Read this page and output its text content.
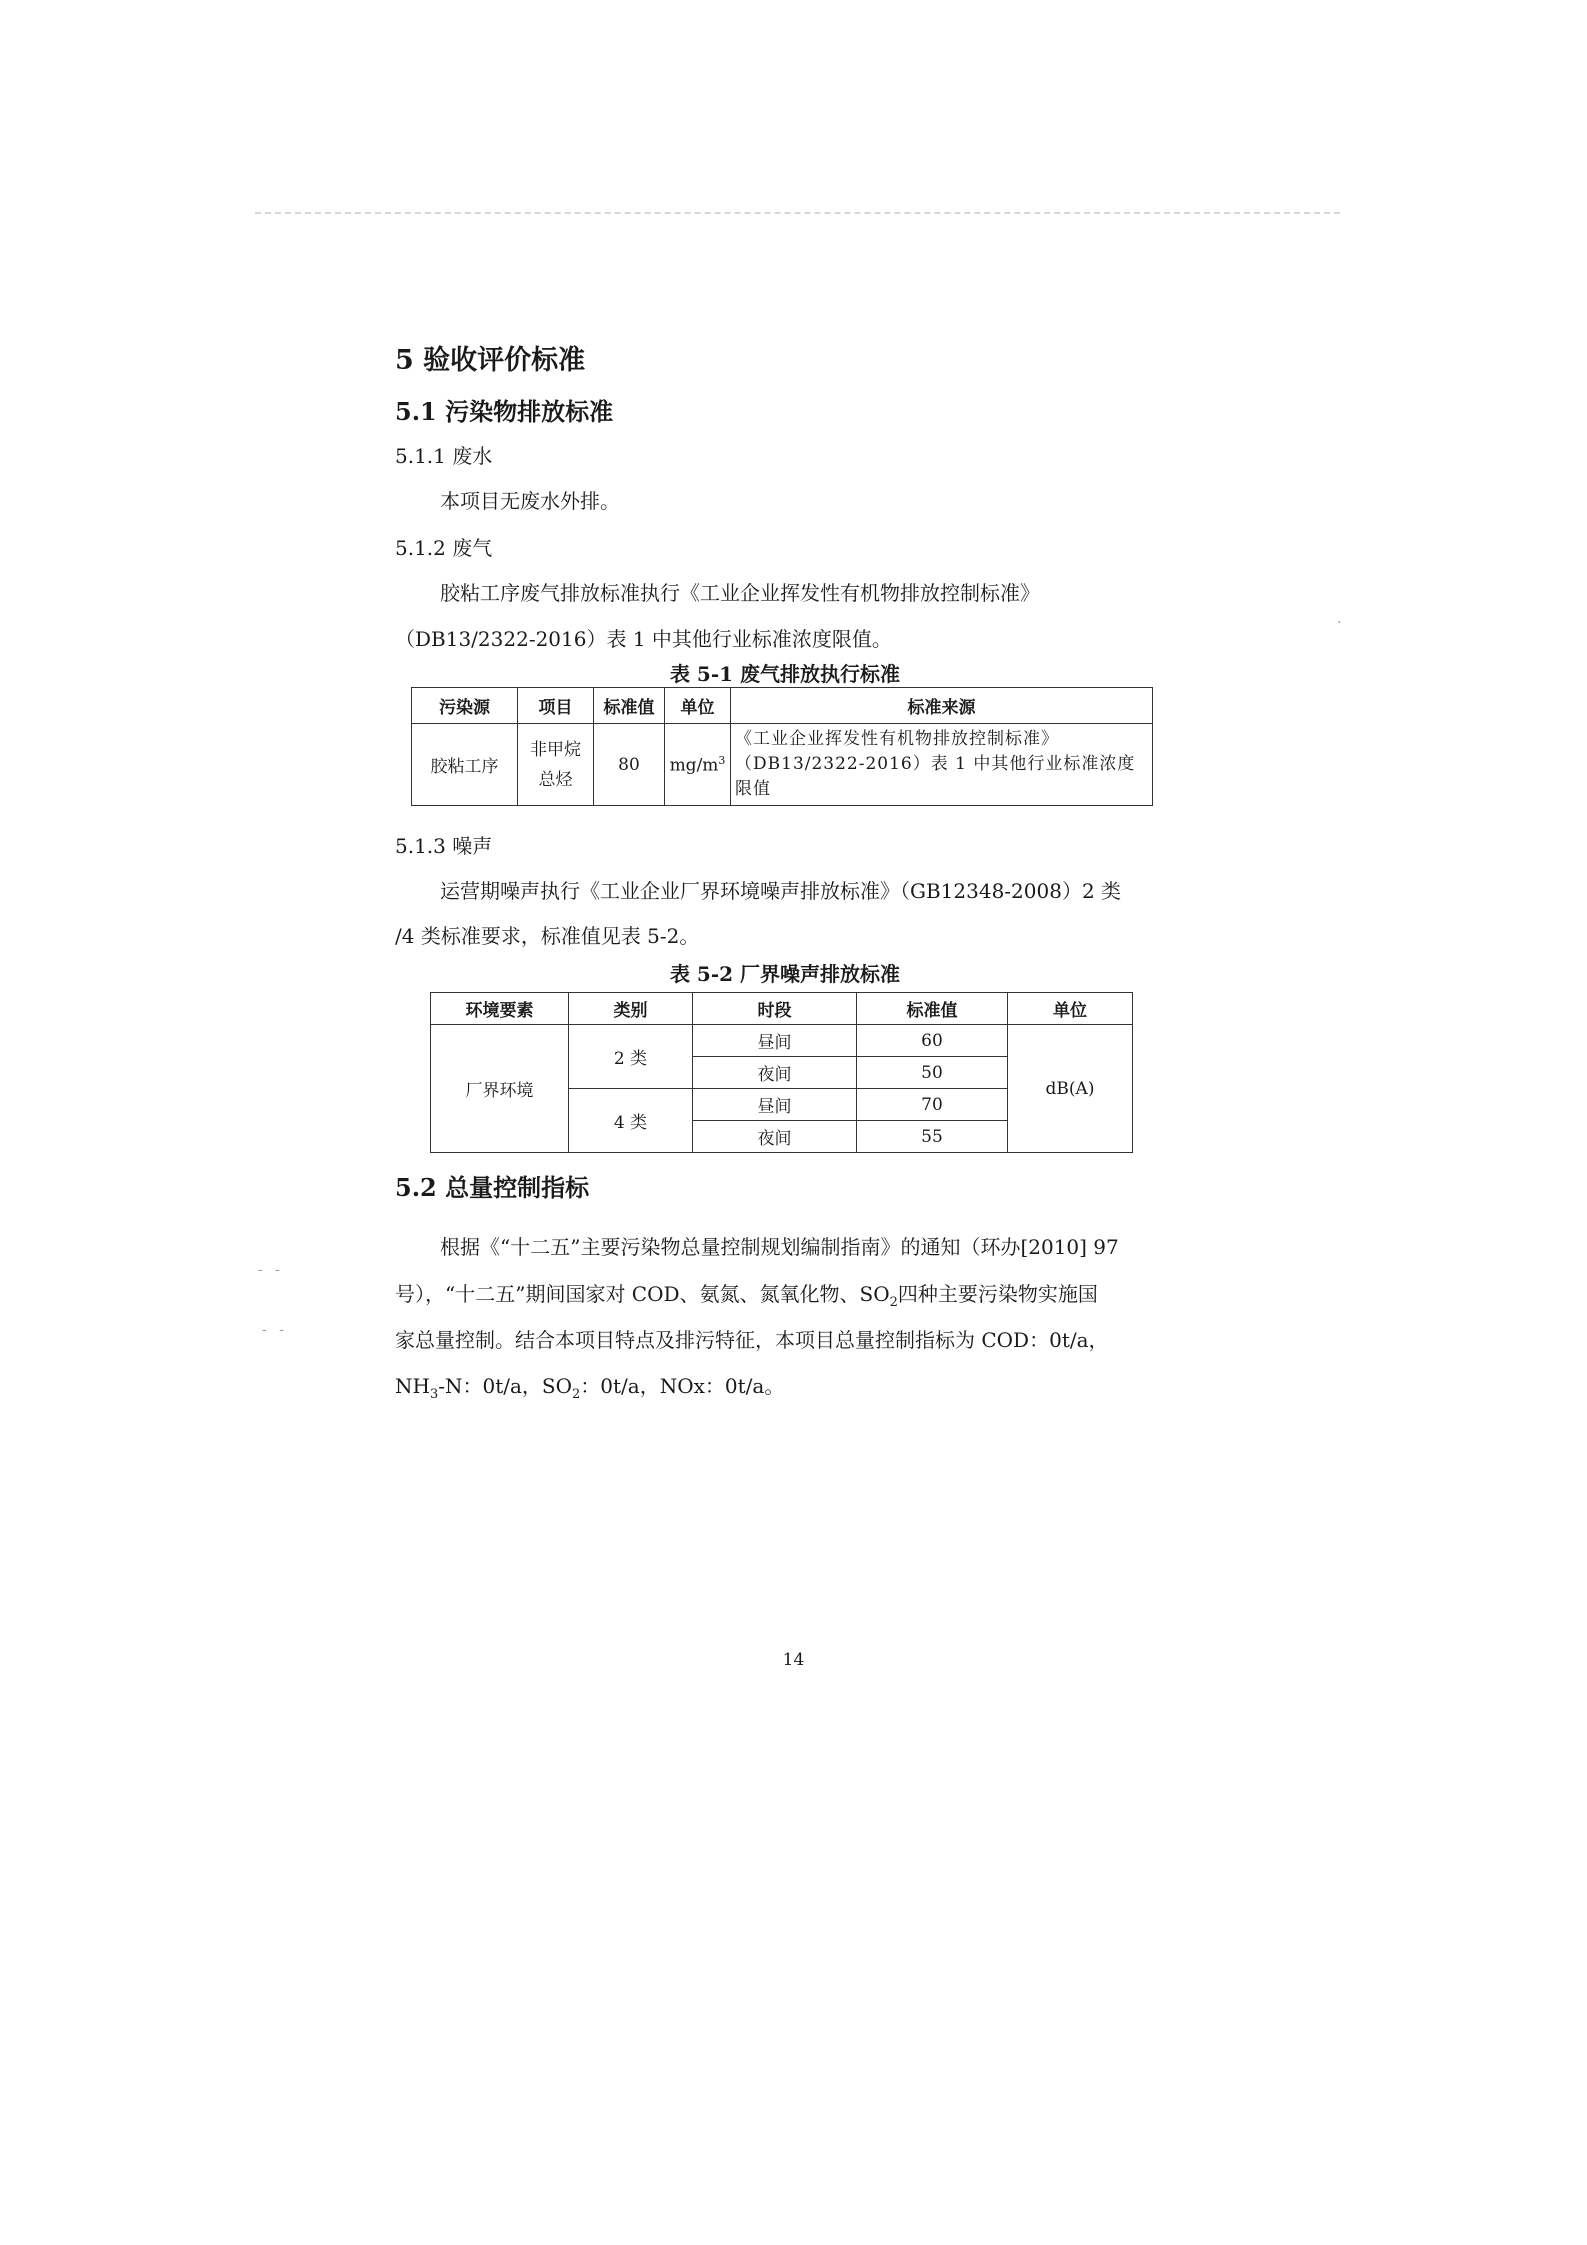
- -
- -
·
5 验收评价标准
5.1 污染物排放标准
5.1.1 废水
本项目无废水外排。
5.1.2 废气
胶粘工序废气排放标准执行《工业企业挥发性有机物排放控制标准》
（DB13/2322-2016）表 1 中其他行业标准浓度限值。
表 5-1 废气排放执行标准
污染源	项目	标准值	单位	标准来源
胶粘工序	非甲烷总烃	80	$mg/m^3$	《工业企业挥发性有机物排放控制标准》（DB13/2322-2016）表 1 中其他行业标准浓度限值
5.1.3 噪声
运营期噪声执行《工业企业厂界环境噪声排放标准》（GB12348-2008）2 类
/4 类标准要求，标准值见表 5-2。
表 5-2 厂界噪声排放标准
环境要素	类别	时段	标准值	单位
厂界环境	2 类	昼间	60	dB(A)
		夜间	50	
	4 类	昼间	70	
		夜间	55	
5.2 总量控制指标
根据《“十二五”主要污染物总量控制规划编制指南》的通知（环办[2010] 97
号），“十二五”期间国家对 COD、氨氮、氮氧化物、$SO_2$四种主要污染物实施国
家总量控制。结合本项目特点及排污特征，本项目总量控制指标为 COD：0t/a，
$NH_3-N$：0t/a，$SO_2$：0t/a，NOx：0t/a。
14
